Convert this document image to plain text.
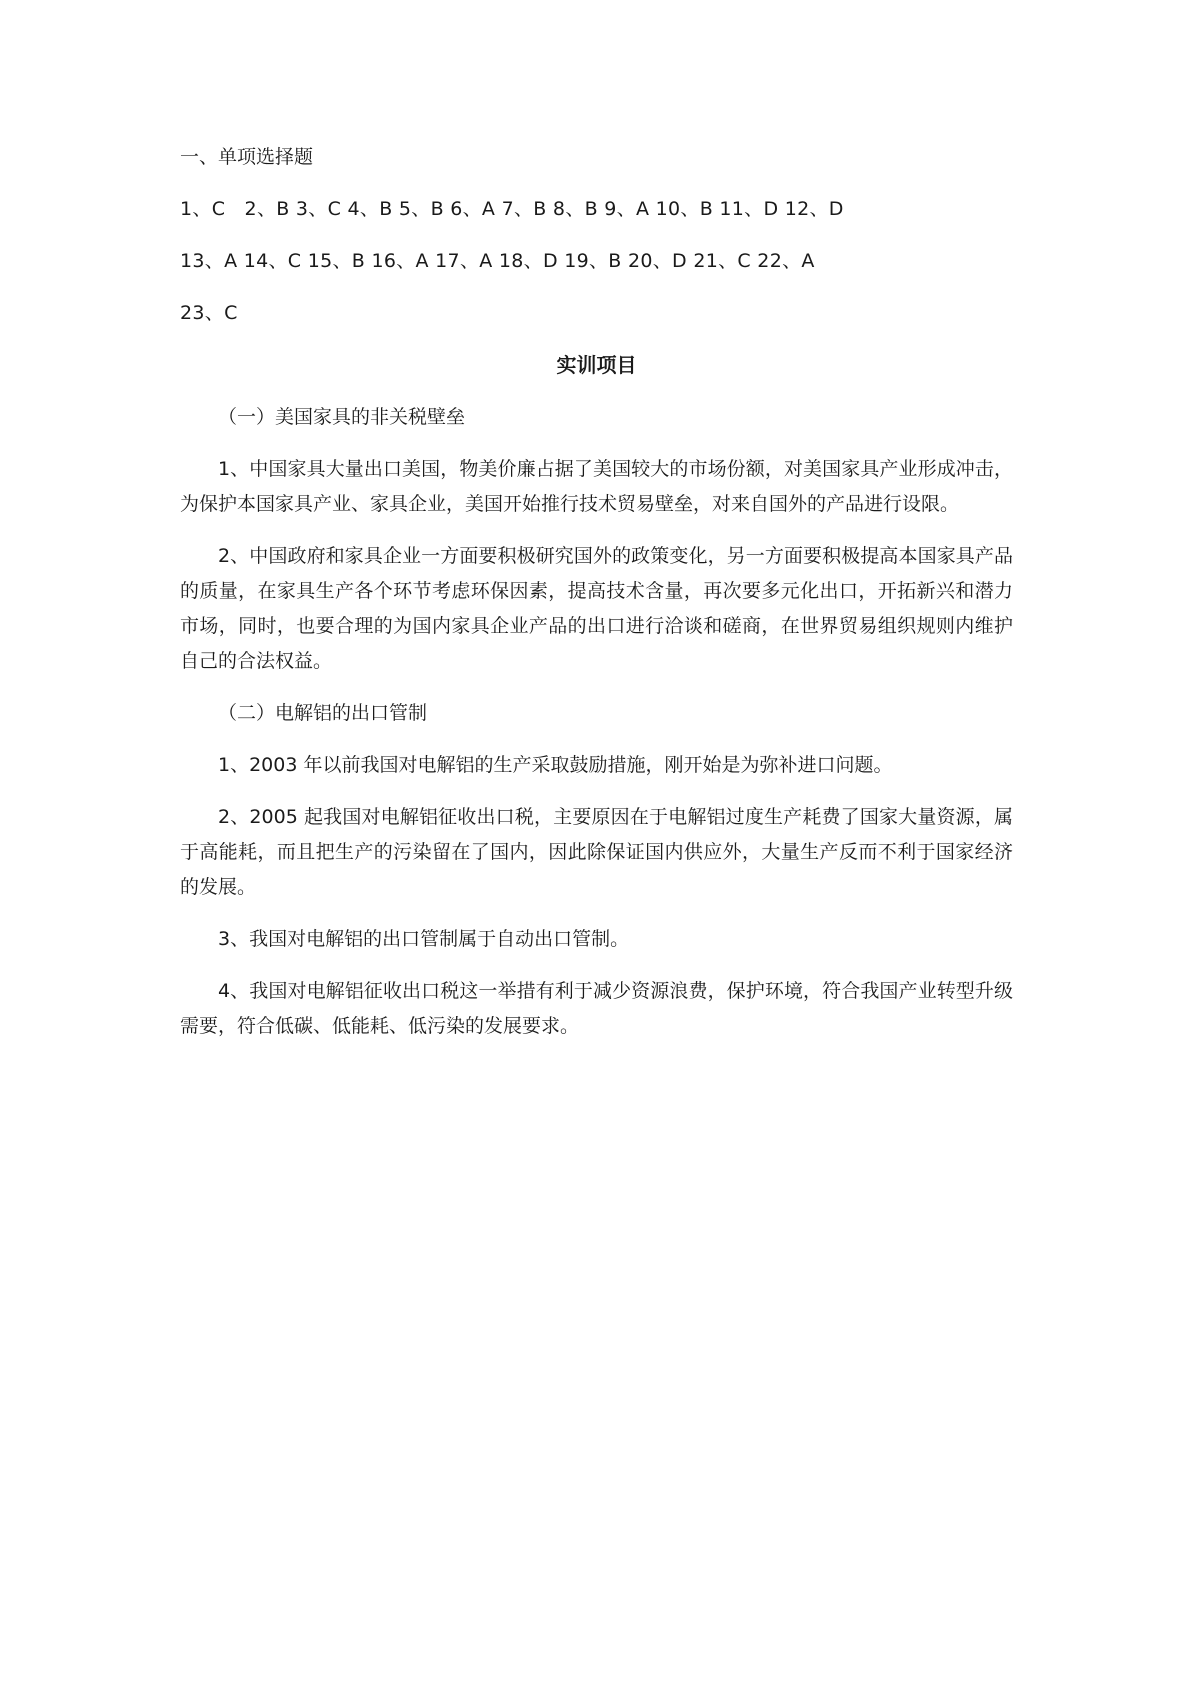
一、单项选择题

1、C　2、B 3、C 4、B 5、B 6、A 7、B 8、B 9、A 10、B 11、D 12、D

13、A 14、C 15、B 16、A 17、A 18、D 19、B 20、D 21、C 22、A

23、C

实训项目

（一）美国家具的非关税壁垒

1、中国家具大量出口美国，物美价廉占据了美国较大的市场份额，对美国家具产业形成冲击，为保护本国家具产业、家具企业，美国开始推行技术贸易壁垒，对来自国外的产品进行设限。

2、中国政府和家具企业一方面要积极研究国外的政策变化，另一方面要积极提高本国家具产品的质量，在家具生产各个环节考虑环保因素，提高技术含量，再次要多元化出口，开拓新兴和潜力市场，同时，也要合理的为国内家具企业产品的出口进行洽谈和磋商，在世界贸易组织规则内维护自己的合法权益。

（二）电解铝的出口管制

1、2003 年以前我国对电解铝的生产采取鼓励措施，刚开始是为弥补进口问题。

2、2005 起我国对电解铝征收出口税，主要原因在于电解铝过度生产耗费了国家大量资源，属于高能耗，而且把生产的污染留在了国内，因此除保证国内供应外，大量生产反而不利于国家经济的发展。

3、我国对电解铝的出口管制属于自动出口管制。

4、我国对电解铝征收出口税这一举措有利于减少资源浪费，保护环境，符合我国产业转型升级需要，符合低碳、低能耗、低污染的发展要求。
